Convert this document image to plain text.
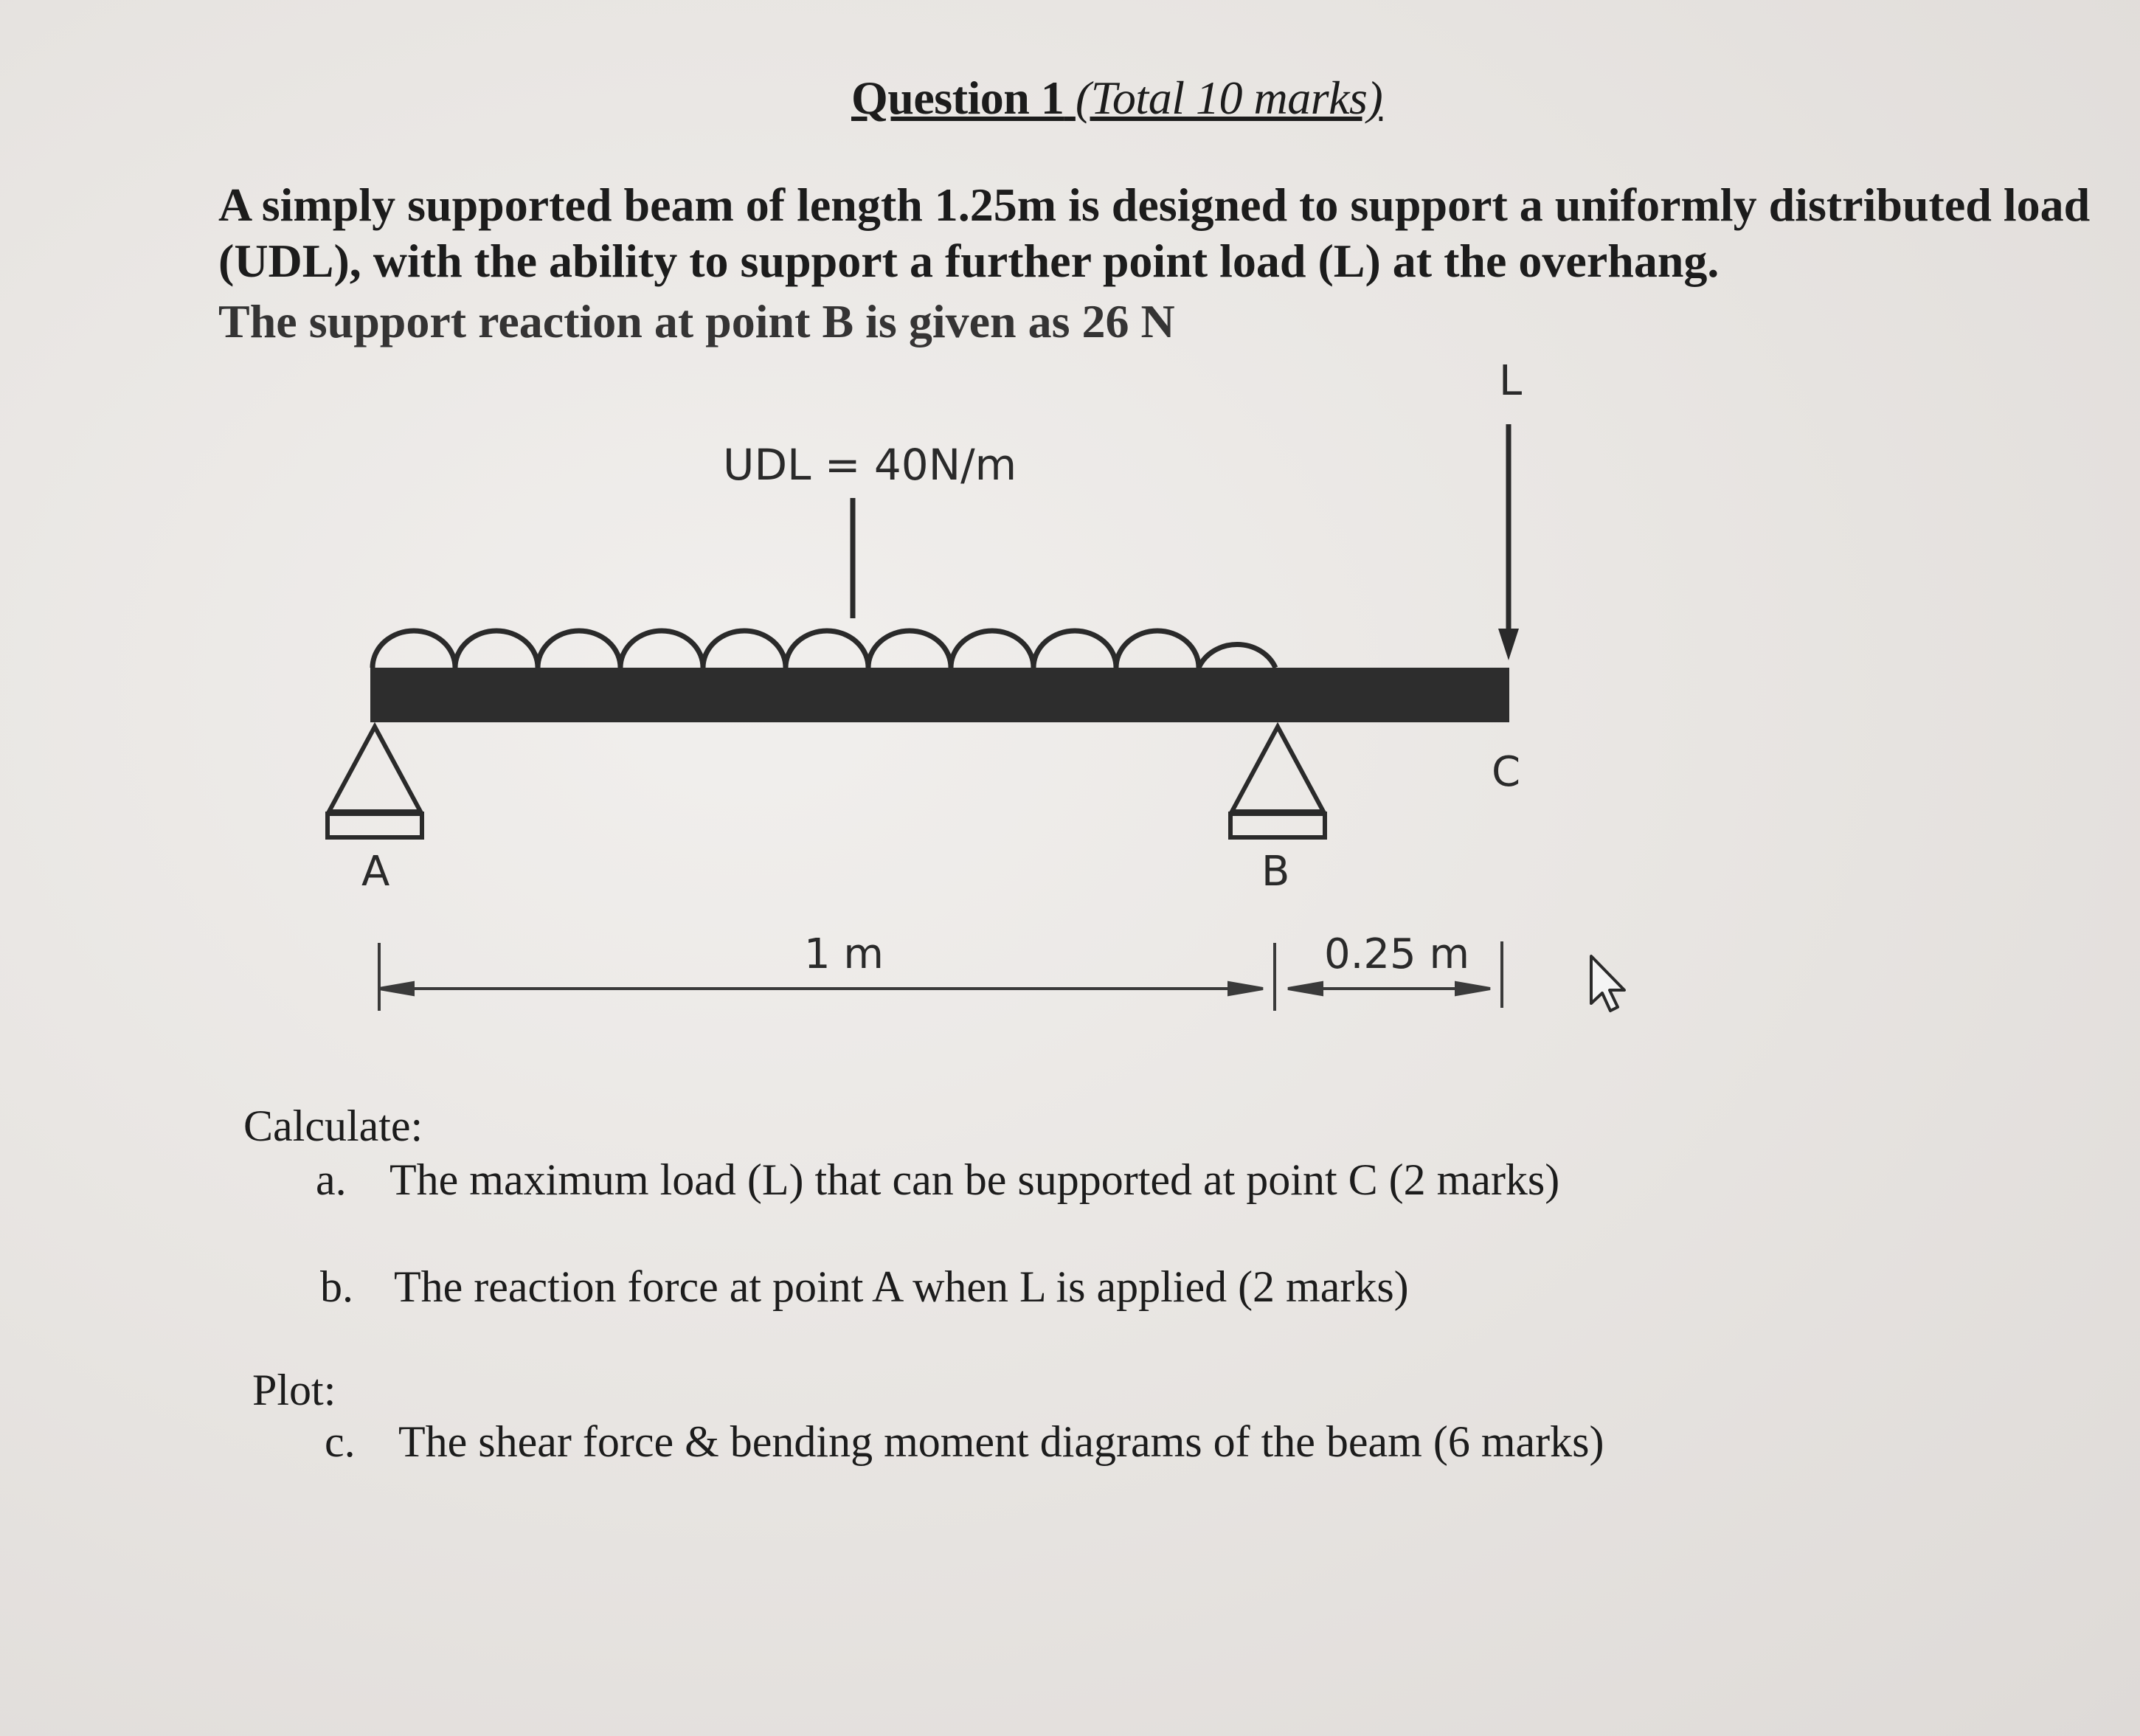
Question 1 (Total 10 marks)

A simply supported beam of length 1.25m is designed to support a uniformly distributed load

(UDL), with the ability to support a further point load (L) at the overhang.

The support reaction at point B is given as 26 N

UDL = 40N/m
L
A	B
C
1 m	0.25 m
Calculate:
a. The maximum load (L) that can be supported at point C (2 marks)
b. The reaction force at point A when L is applied (2 marks)
Plot:
c. The shear force & bending moment diagrams of the beam (6 marks)
